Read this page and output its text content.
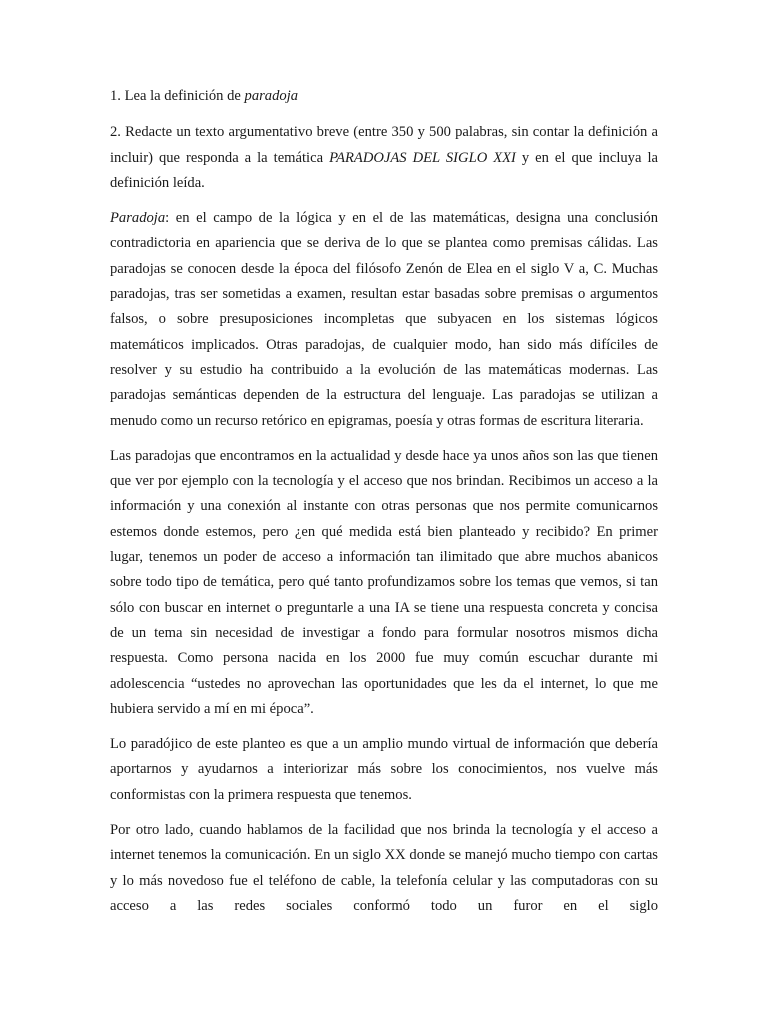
1. Lea la definición de paradoja

2. Redacte un texto argumentativo breve (entre 350 y 500 palabras, sin contar la definición a incluir) que responda a la temática PARADOJAS DEL SIGLO XXI y en el que incluya la definición leída.

Paradoja: en el campo de la lógica y en el de las matemáticas, designa una conclusión contradictoria en apariencia que se deriva de lo que se plantea como premisas cálidas. Las paradojas se conocen desde la época del filósofo Zenón de Elea en el siglo V a, C. Muchas paradojas, tras ser sometidas a examen, resultan estar basadas sobre premisas o argumentos falsos, o sobre presuposiciones incompletas que subyacen en los sistemas lógicos matemáticos implicados. Otras paradojas, de cualquier modo, han sido más difíciles de resolver y su estudio ha contribuido a la evolución de las matemáticas modernas. Las paradojas semánticas dependen de la estructura del lenguaje. Las paradojas se utilizan a menudo como un recurso retórico en epigramas, poesía y otras formas de escritura literaria.

Las paradojas que encontramos en la actualidad y desde hace ya unos años son las que tienen que ver por ejemplo con la tecnología y el acceso que nos brindan. Recibimos un acceso a la información y una conexión al instante con otras personas que nos permite comunicarnos estemos donde estemos, pero ¿en qué medida está bien planteado y recibido? En primer lugar, tenemos un poder de acceso a información tan ilimitado que abre muchos abanicos sobre todo tipo de temática, pero qué tanto profundizamos sobre los temas que vemos, si tan sólo con buscar en internet o preguntarle a una IA se tiene una respuesta concreta y concisa de un tema sin necesidad de investigar a fondo para formular nosotros mismos dicha respuesta. Como persona nacida en los 2000 fue muy común escuchar durante mi adolescencia “ustedes no aprovechan las oportunidades que les da el internet, lo que me hubiera servido a mí en mi época”.

Lo paradójico de este planteo es que a un amplio mundo virtual de información que debería aportarnos y ayudarnos a interiorizar más sobre los conocimientos, nos vuelve más conformistas con la primera respuesta que tenemos.

Por otro lado, cuando hablamos de la facilidad que nos brinda la tecnología y el acceso a internet tenemos la comunicación. En un siglo XX donde se manejó mucho tiempo con cartas y lo más novedoso fue el teléfono de cable, la telefonía celular y las computadoras con su acceso a las redes sociales conformó todo un furor en el siglo
